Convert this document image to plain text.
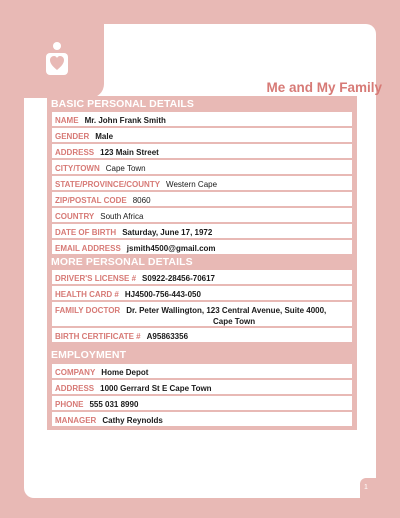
Me and My Family
BASIC PERSONAL DETAILS
NAME Mr. John Frank Smith
GENDER Male
ADDRESS 123 Main Street
CITY/TOWN Cape Town
STATE/PROVINCE/COUNTY Western Cape
ZIP/POSTAL CODE 8060
COUNTRY South Africa
DATE OF BIRTH Saturday, June 17, 1972
EMAIL ADDRESS jsmith4500@gmail.com
MORE PERSONAL DETAILS
DRIVER'S LICENSE # S0922-28456-70617
HEALTH CARD # HJ4500-756-443-050
FAMILY DOCTOR Dr. Peter Wallington, 123 Central Avenue, Suite 4000,
Cape Town
BIRTH CERTIFICATE # A95863356
EMPLOYMENT
COMPANY Home Depot
ADDRESS 1000 Gerrard St E Cape Town
PHONE 555 031 8990
MANAGER Cathy Reynolds
1
